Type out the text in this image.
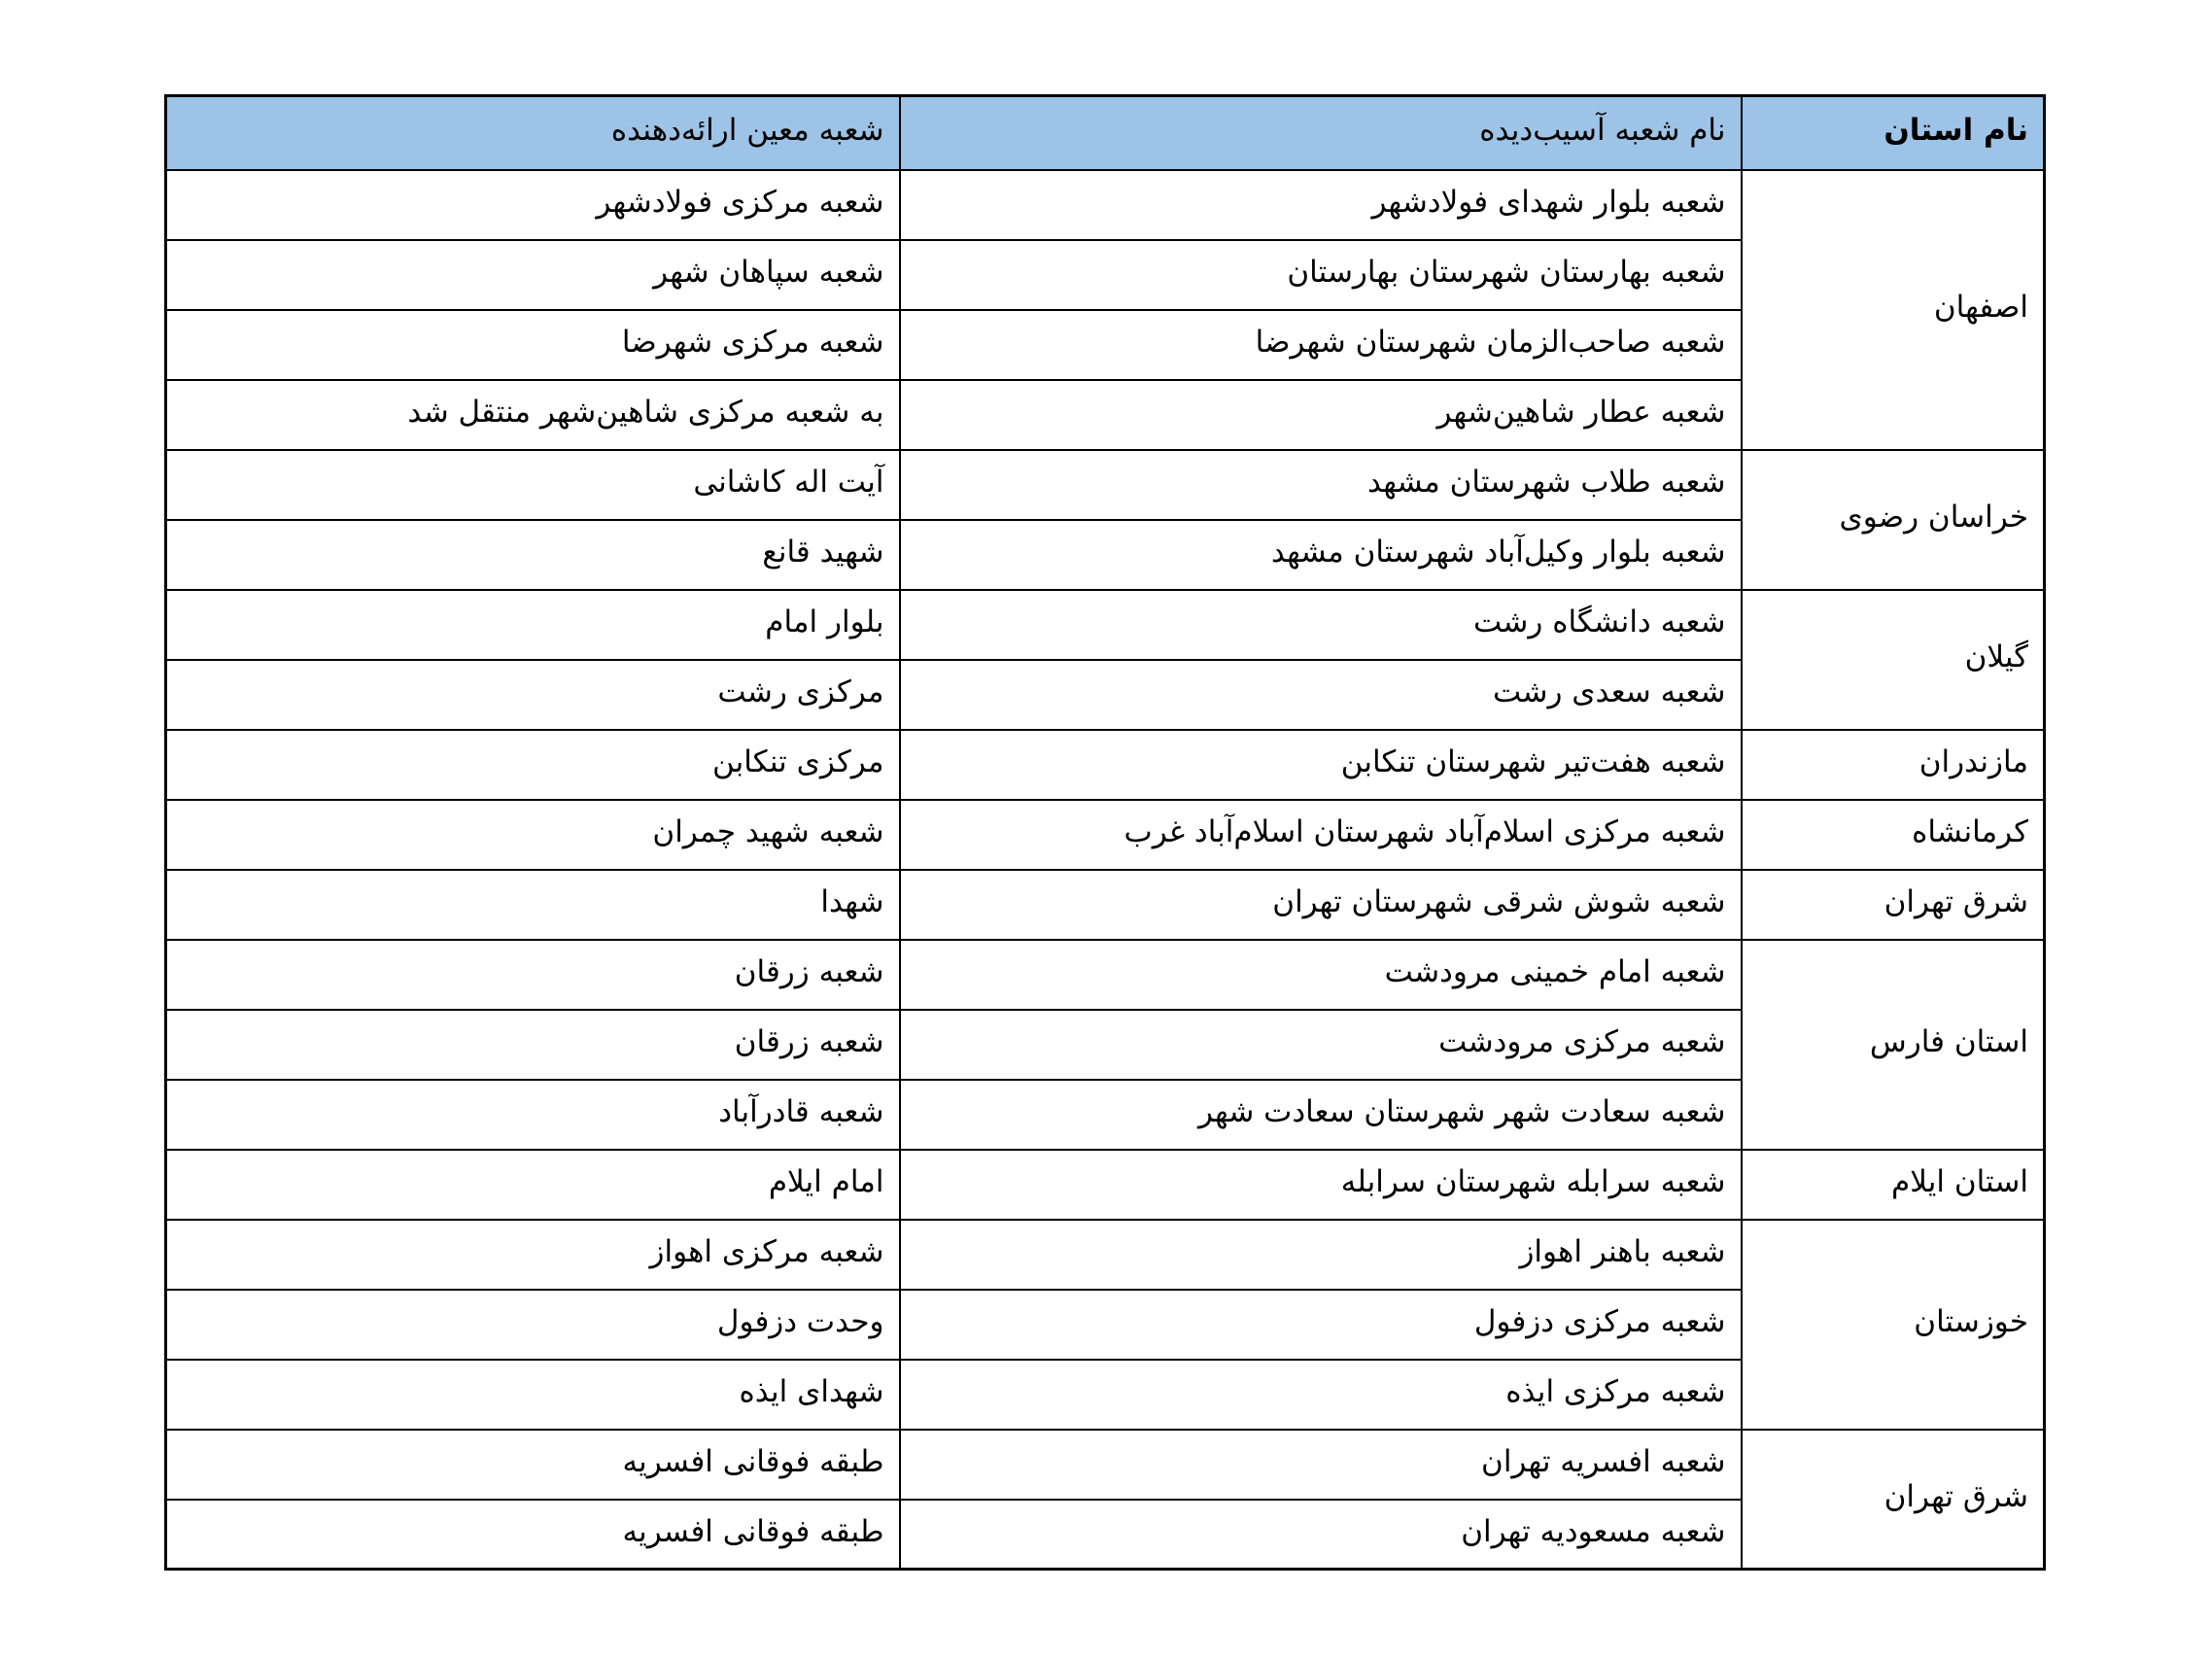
نام استان	نام شعبه آسیب‌دیده	شعبه معین ارائه‌دهنده
اصفهان	شعبه بلوار شهدای فولادشهر	شعبه مرکزی فولادشهر
	شعبه بهارستان شهرستان بهارستان	شعبه سپاهان شهر
	شعبه صاحب‌الزمان شهرستان شهرضا	شعبه مرکزی شهرضا
	شعبه عطار شاهین‌شهر	به شعبه مرکزی شاهین‌شهر منتقل شد
خراسان رضوی	شعبه طلاب شهرستان مشهد	آیت اله کاشانی
	شعبه بلوار وکیل‌آباد شهرستان مشهد	شهید قانع
گیلان	شعبه دانشگاه رشت	بلوار امام
	شعبه سعدی رشت	مرکزی رشت
مازندران	شعبه هفت‌تیر شهرستان تنکابن	مرکزی تنکابن
کرمانشاه	شعبه مرکزی اسلام‌آباد شهرستان اسلام‌آباد غرب	شعبه شهید چمران
شرق تهران	شعبه شوش شرقی شهرستان تهران	شهدا
استان فارس	شعبه امام خمینی مرودشت	شعبه زرقان
	شعبه مرکزی مرودشت	شعبه زرقان
	شعبه سعادت شهر شهرستان سعادت شهر	شعبه قادرآباد
استان ایلام	شعبه سرابله شهرستان سرابله	امام ایلام
خوزستان	شعبه باهنر اهواز	شعبه مرکزی اهواز
	شعبه مرکزی دزفول	وحدت دزفول
	شعبه مرکزی ایذه	شهدای ایذه
شرق تهران	شعبه افسریه تهران	طبقه فوقانی افسریه
	شعبه مسعودیه تهران	طبقه فوقانی افسریه
